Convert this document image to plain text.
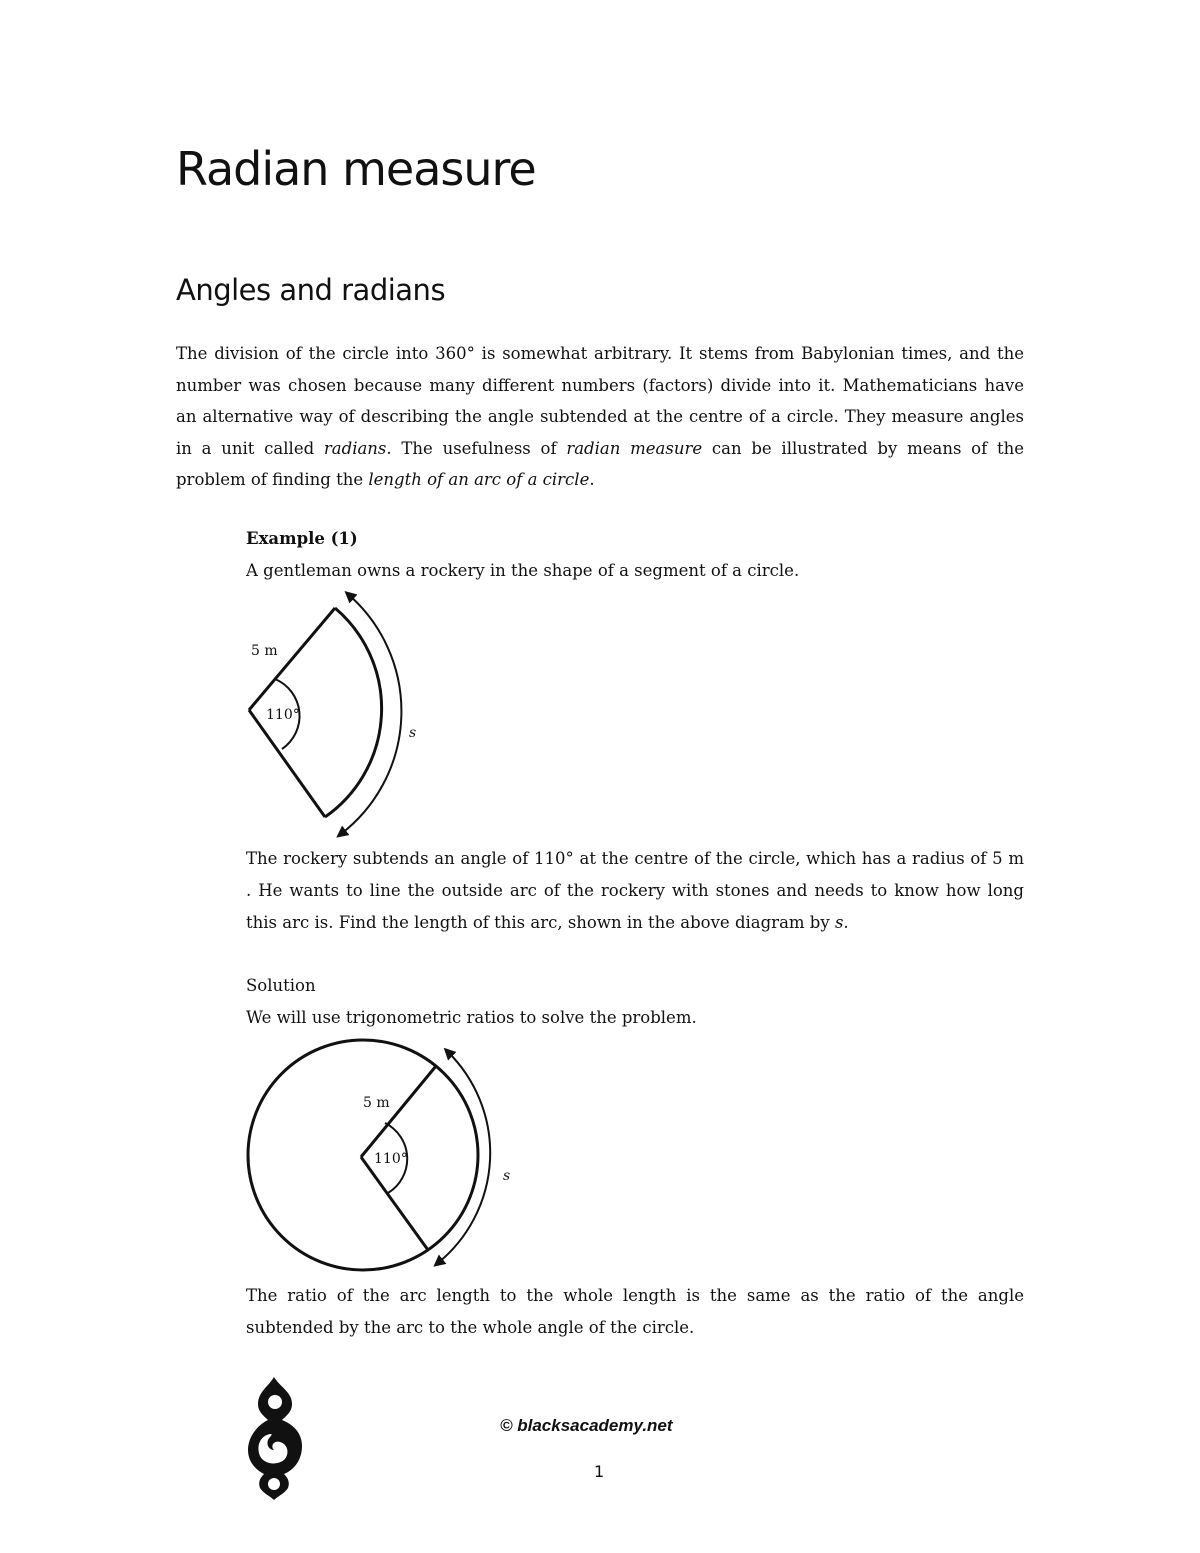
Radian measure
Angles and radians

The division of the circle into 360° is somewhat arbitrary. It stems from Babylonian times, and the number was chosen because many different numbers (factors) divide into it. Mathematicians have an alternative way of describing the angle subtended at the centre of a circle. They measure angles in a unit called radians. The usefulness of radian measure can be illustrated by means of the problem of finding the length of an arc of a circle.

Example (1)

A gentleman owns a rockery in the shape of a segment of a circle.

5 m
110°
s

The rockery subtends an angle of 110° at the centre of the circle, which has a radius of 5 m . He wants to line the outside arc of the rockery with stones and needs to know how long this arc is. Find the length of this arc, shown in the above diagram by s.

Solution

We will use trigonometric ratios to solve the problem.

5 m
110°
s

The ratio of the arc length to the whole length is the same as the ratio of the angle subtended by the arc to the whole angle of the circle.

© blacksacademy.net
1
